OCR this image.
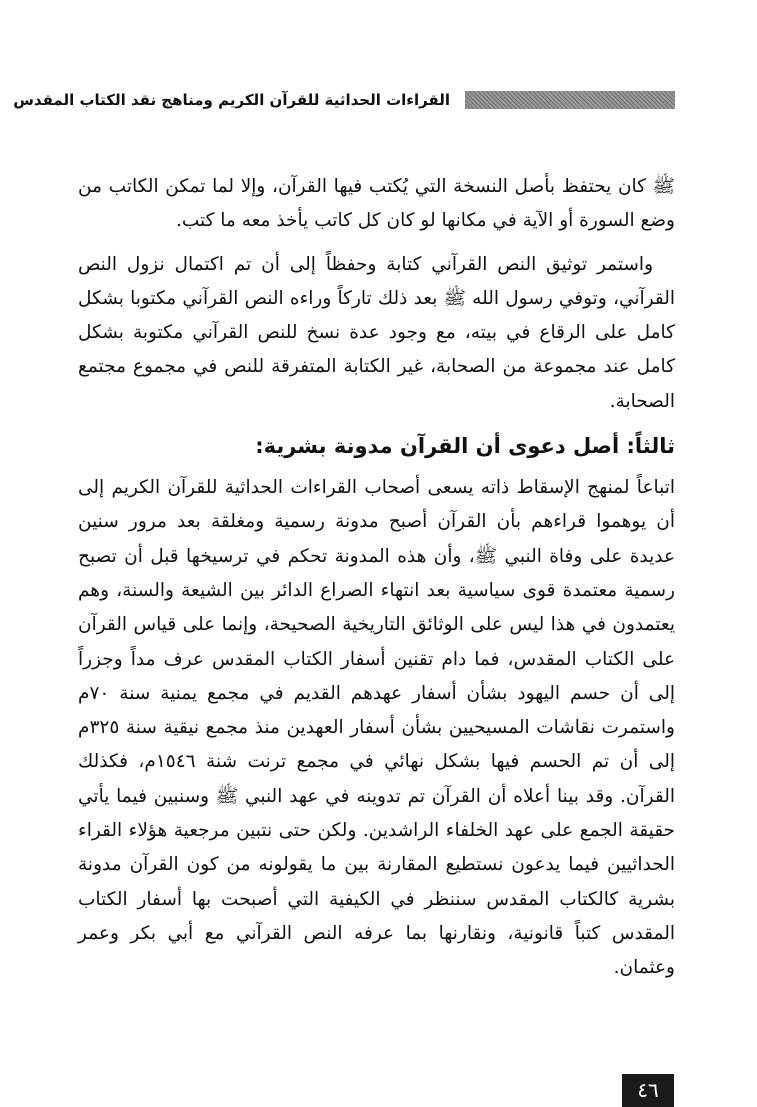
القراءات الحداثية للقرآن الكريم ومناهج نقد الكتاب المقدس

ﷺ كان يحتفظ بأصل النسخة التي يُكتب فيها القرآن، وإلا لما تمكن الكاتب من وضع السورة أو الآية في مكانها لو كان كل كاتب يأخذ معه ما كتب.

واستمر توثيق النص القرآني كتابة وحفظاً إلى أن تم اكتمال نزول النص القرآني، وتوفي رسول الله ﷺ بعد ذلك تاركاً وراءه النص القرآني مكتوبا بشكل كامل على الرقاع في بيته، مع وجود عدة نسخ للنص القرآني مكتوبة بشكل كامل عند مجموعة من الصحابة، غير الكتابة المتفرقة للنص في مجموع مجتمع الصحابة.

ثالثاً: أصل دعوى أن القرآن مدونة بشرية:

اتباعاً لمنهج الإسقاط ذاته يسعى أصحاب القراءات الحداثية للقرآن الكريم إلى أن يوهموا قراءهم بأن القرآن أصبح مدونة رسمية ومغلقة بعد مرور سنين عديدة على وفاة النبي ﷺ، وأن هذه المدونة تحكم في ترسيخها قبل أن تصبح رسمية معتمدة قوى سياسية بعد انتهاء الصراع الدائر بين الشيعة والسنة، وهم يعتمدون في هذا ليس على الوثائق التاريخية الصحيحة، وإنما على قياس القرآن على الكتاب المقدس، فما دام تقنين أسفار الكتاب المقدس عرف مداً وجزراً إلى أن حسم اليهود بشأن أسفار عهدهم القديم في مجمع يمنية سنة ٧٠م واستمرت نقاشات المسيحيين بشأن أسفار العهدين منذ مجمع نيقية سنة ٣٢٥م إلى أن تم الحسم فيها بشكل نهائي في مجمع ترنت شنة ١٥٤٦م، فكذلك القرآن. وقد بينا أعلاه أن القرآن تم تدوينه في عهد النبي ﷺ وسنبين فيما يأتي حقيقة الجمع على عهد الخلفاء الراشدين. ولكن حتى نتبين مرجعية هؤلاء القراء الحداثيين فيما يدعون نستطيع المقارنة بين ما يقولونه من كون القرآن مدونة بشرية كالكتاب المقدس سننظر في الكيفية التي أصبحت بها أسفار الكتاب المقدس كتباً قانونية، ونقارنها بما عرفه النص القرآني مع أبي بكر وعمر وعثمان.

٤٦
